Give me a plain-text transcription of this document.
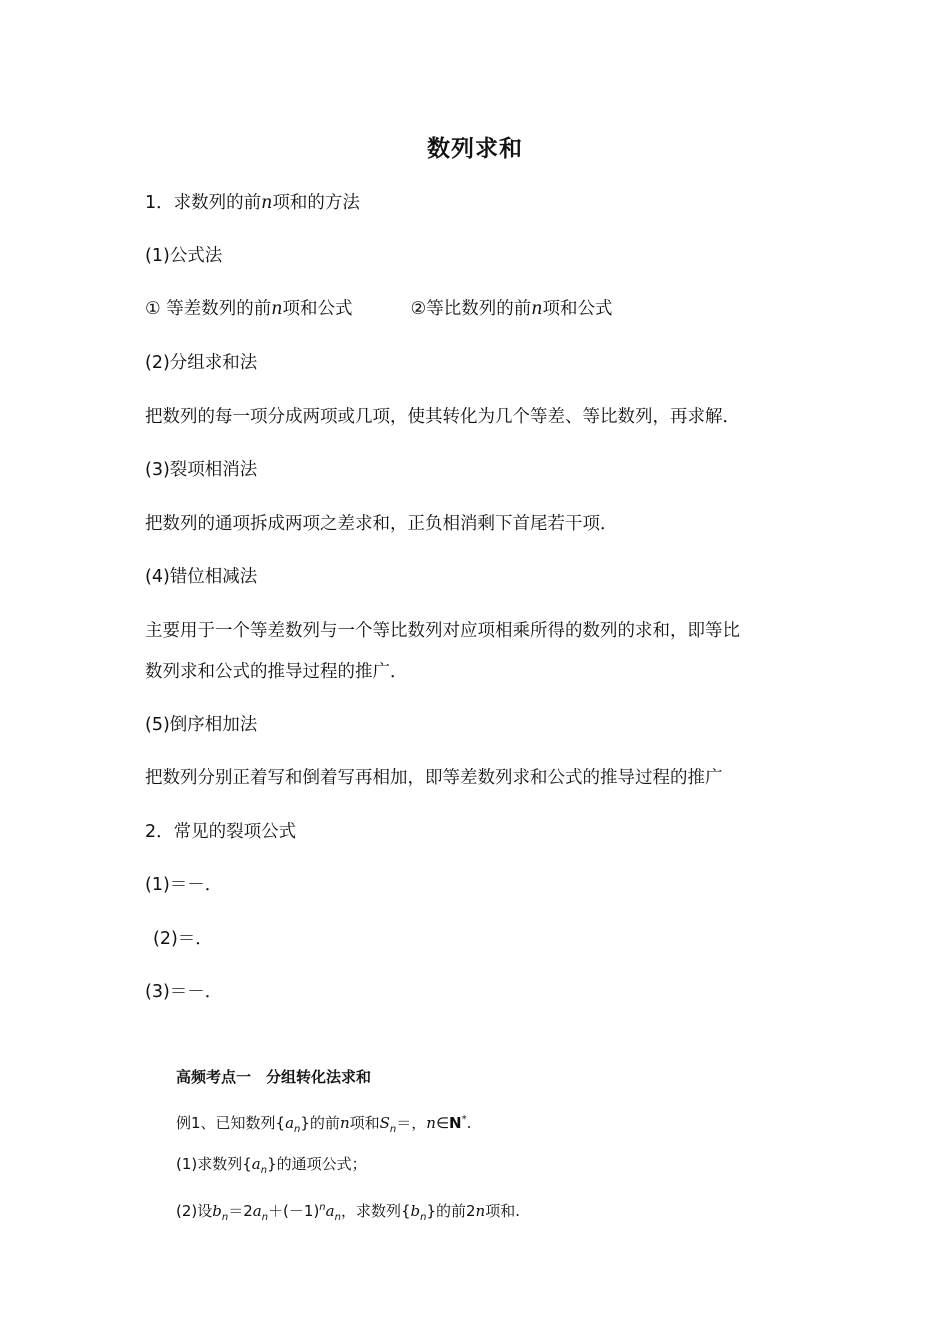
数列求和
1．求数列的前n项和的方法
(1)公式法
① 等差数列的前n项和公式	②等比数列的前n项和公式
(2)分组求和法
把数列的每一项分成两项或几项，使其转化为几个等差、等比数列，再求解．
(3)裂项相消法
把数列的通项拆成两项之差求和，正负相消剩下首尾若干项．
(4)错位相减法
主要用于一个等差数列与一个等比数列对应项相乘所得的数列的求和，即等比
数列求和公式的推导过程的推广．
(5)倒序相加法
把数列分别正着写和倒着写再相加，即等差数列求和公式的推导过程的推广
2．常见的裂项公式
(1)＝－．
(2)＝．
(3)＝－．
高频考点一　分组转化法求和
例1、已知数列$\{a_n\}$的前n项和$S_n=$，n∈N*.
(1)求数列$\{a_n\}$的通项公式；
(2)设$b_n=2a_n+(-1)^na_n$，求数列$\{b_n\}$的前2n项和.
